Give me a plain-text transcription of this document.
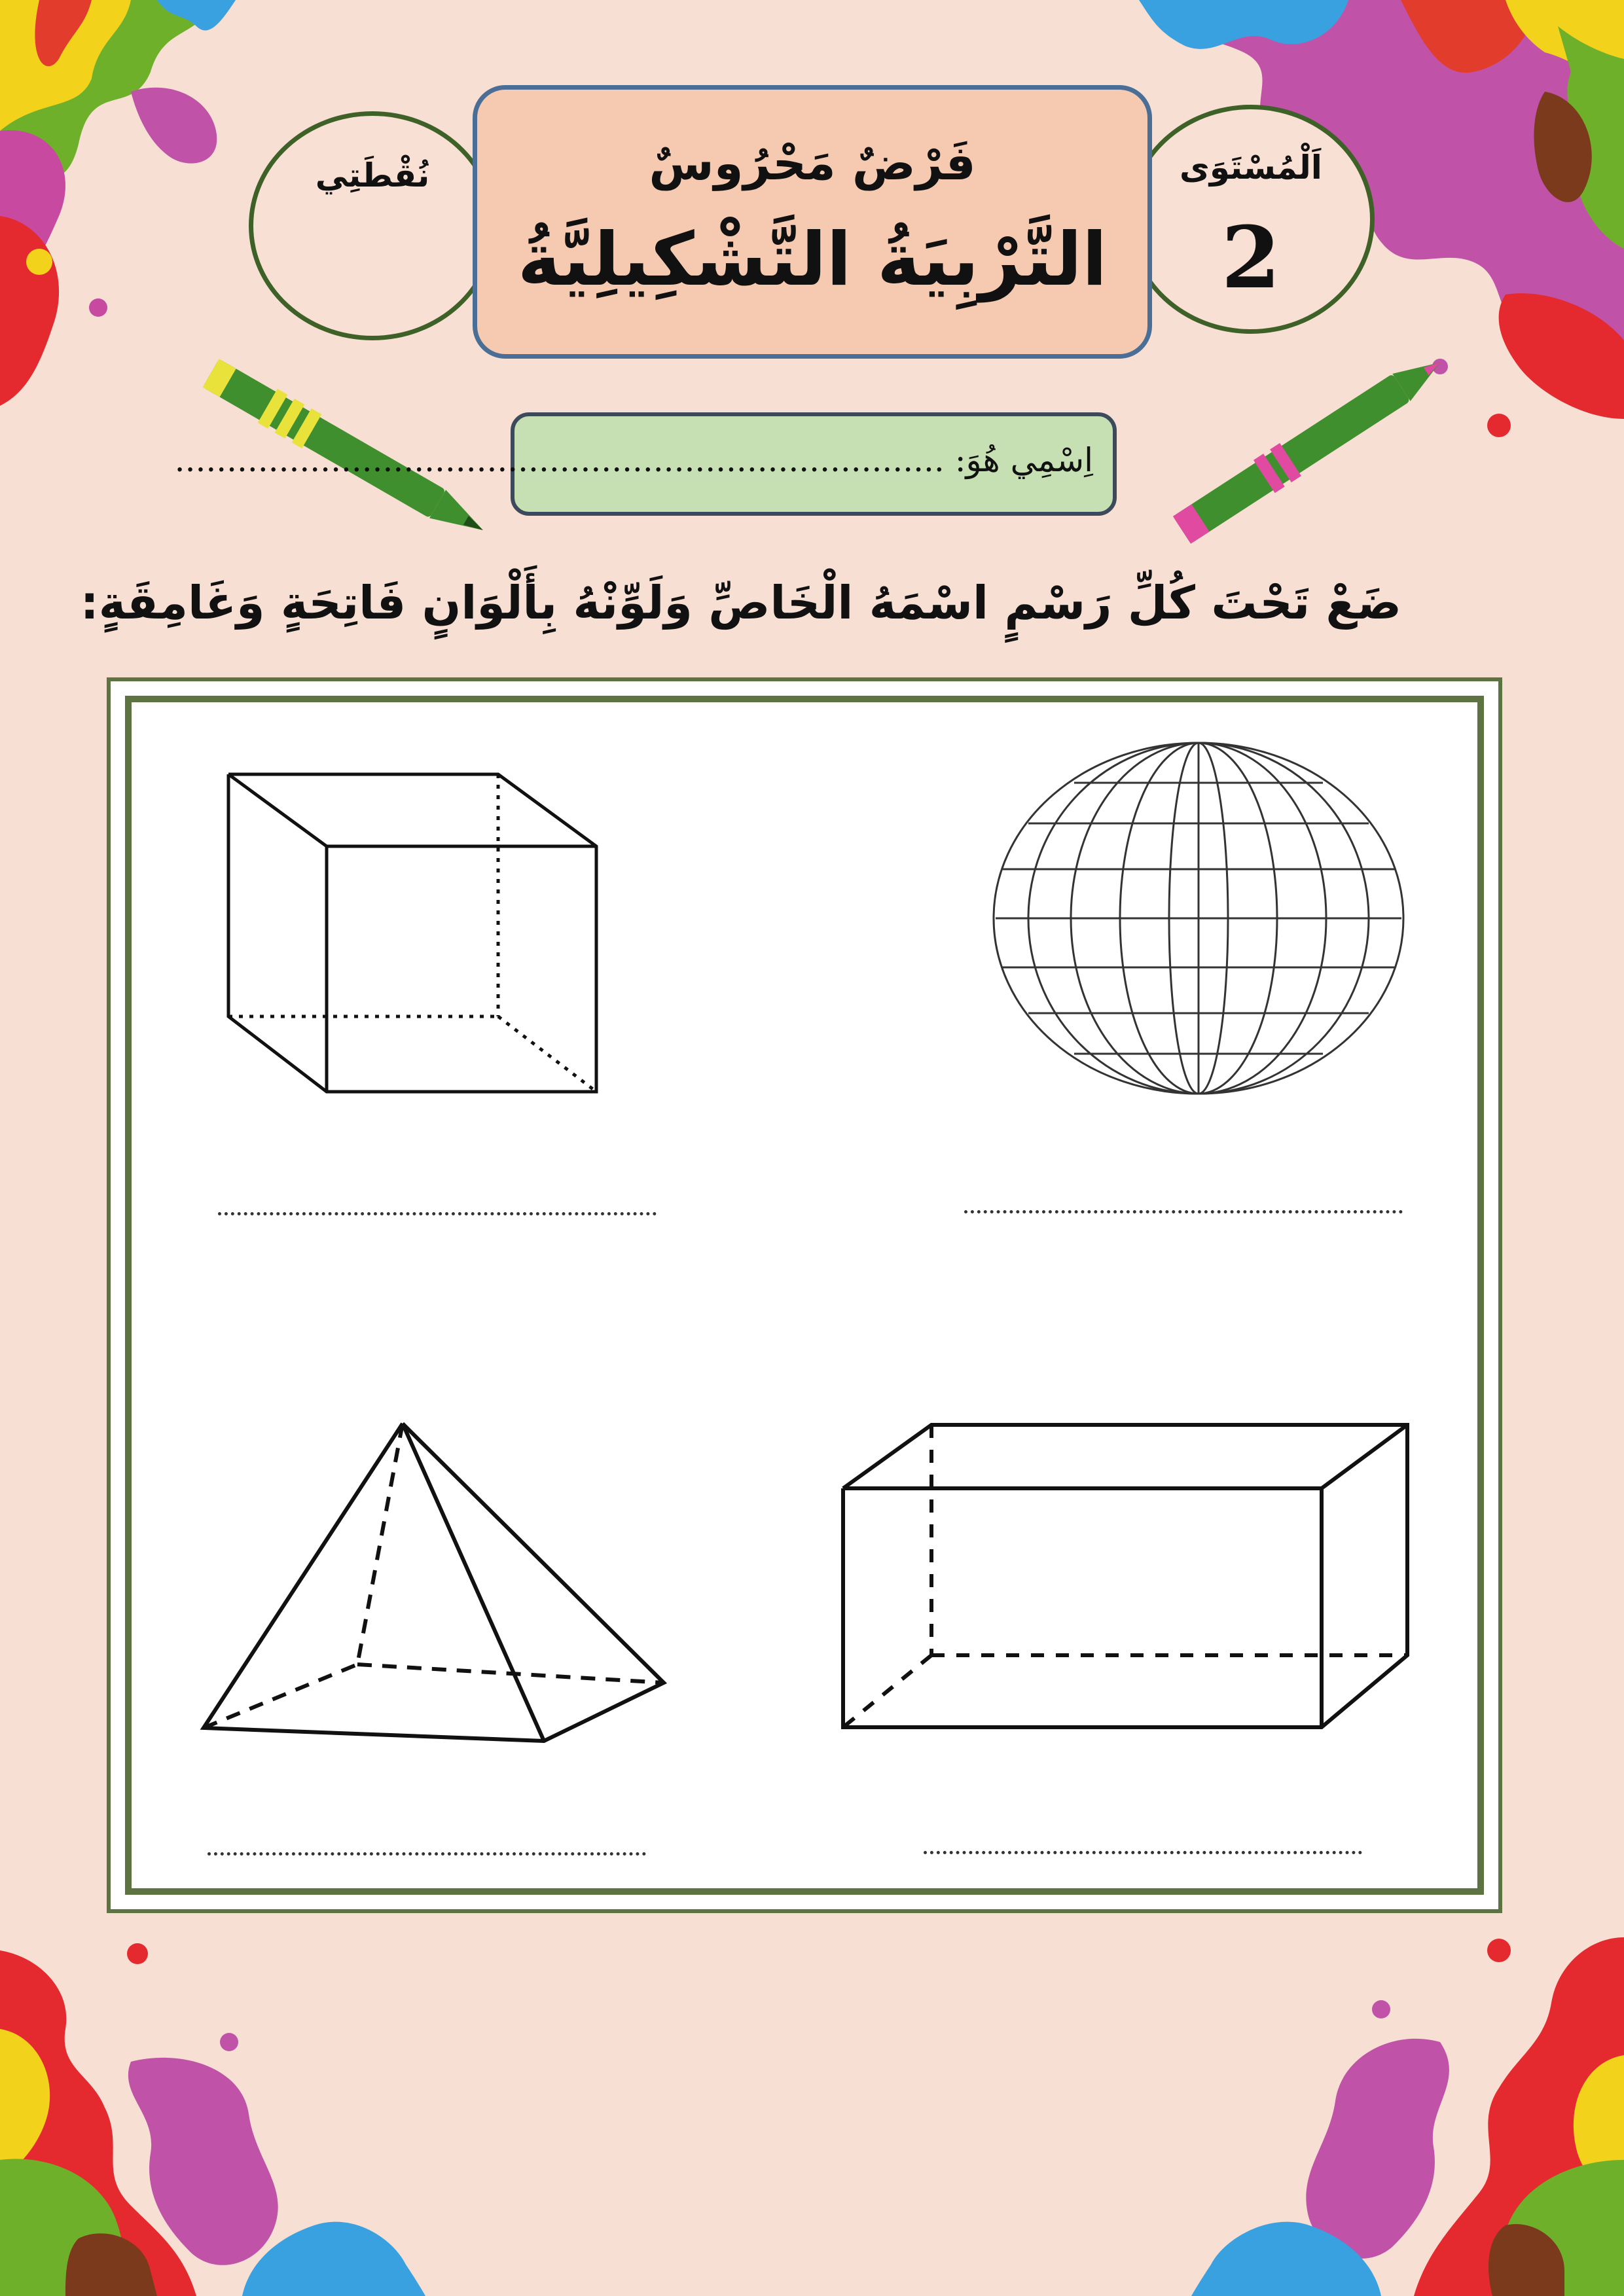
نُقْطَتِي	اَلْمُسْتَوَى
2
فَرْضٌ مَحْرُوسٌ
التَّرْبِيَةُ التَّشْكِيلِيَّةُ
اِسْمِي هُوَ: ..........................................................................
ضَعْ تَحْتَ كُلِّ رَسْمٍ اسْمَهُ الْخَاصِّ وَلَوِّنْهُ بِأَلْوَانٍ فَاتِحَةٍ وَغَامِقَةٍ:
